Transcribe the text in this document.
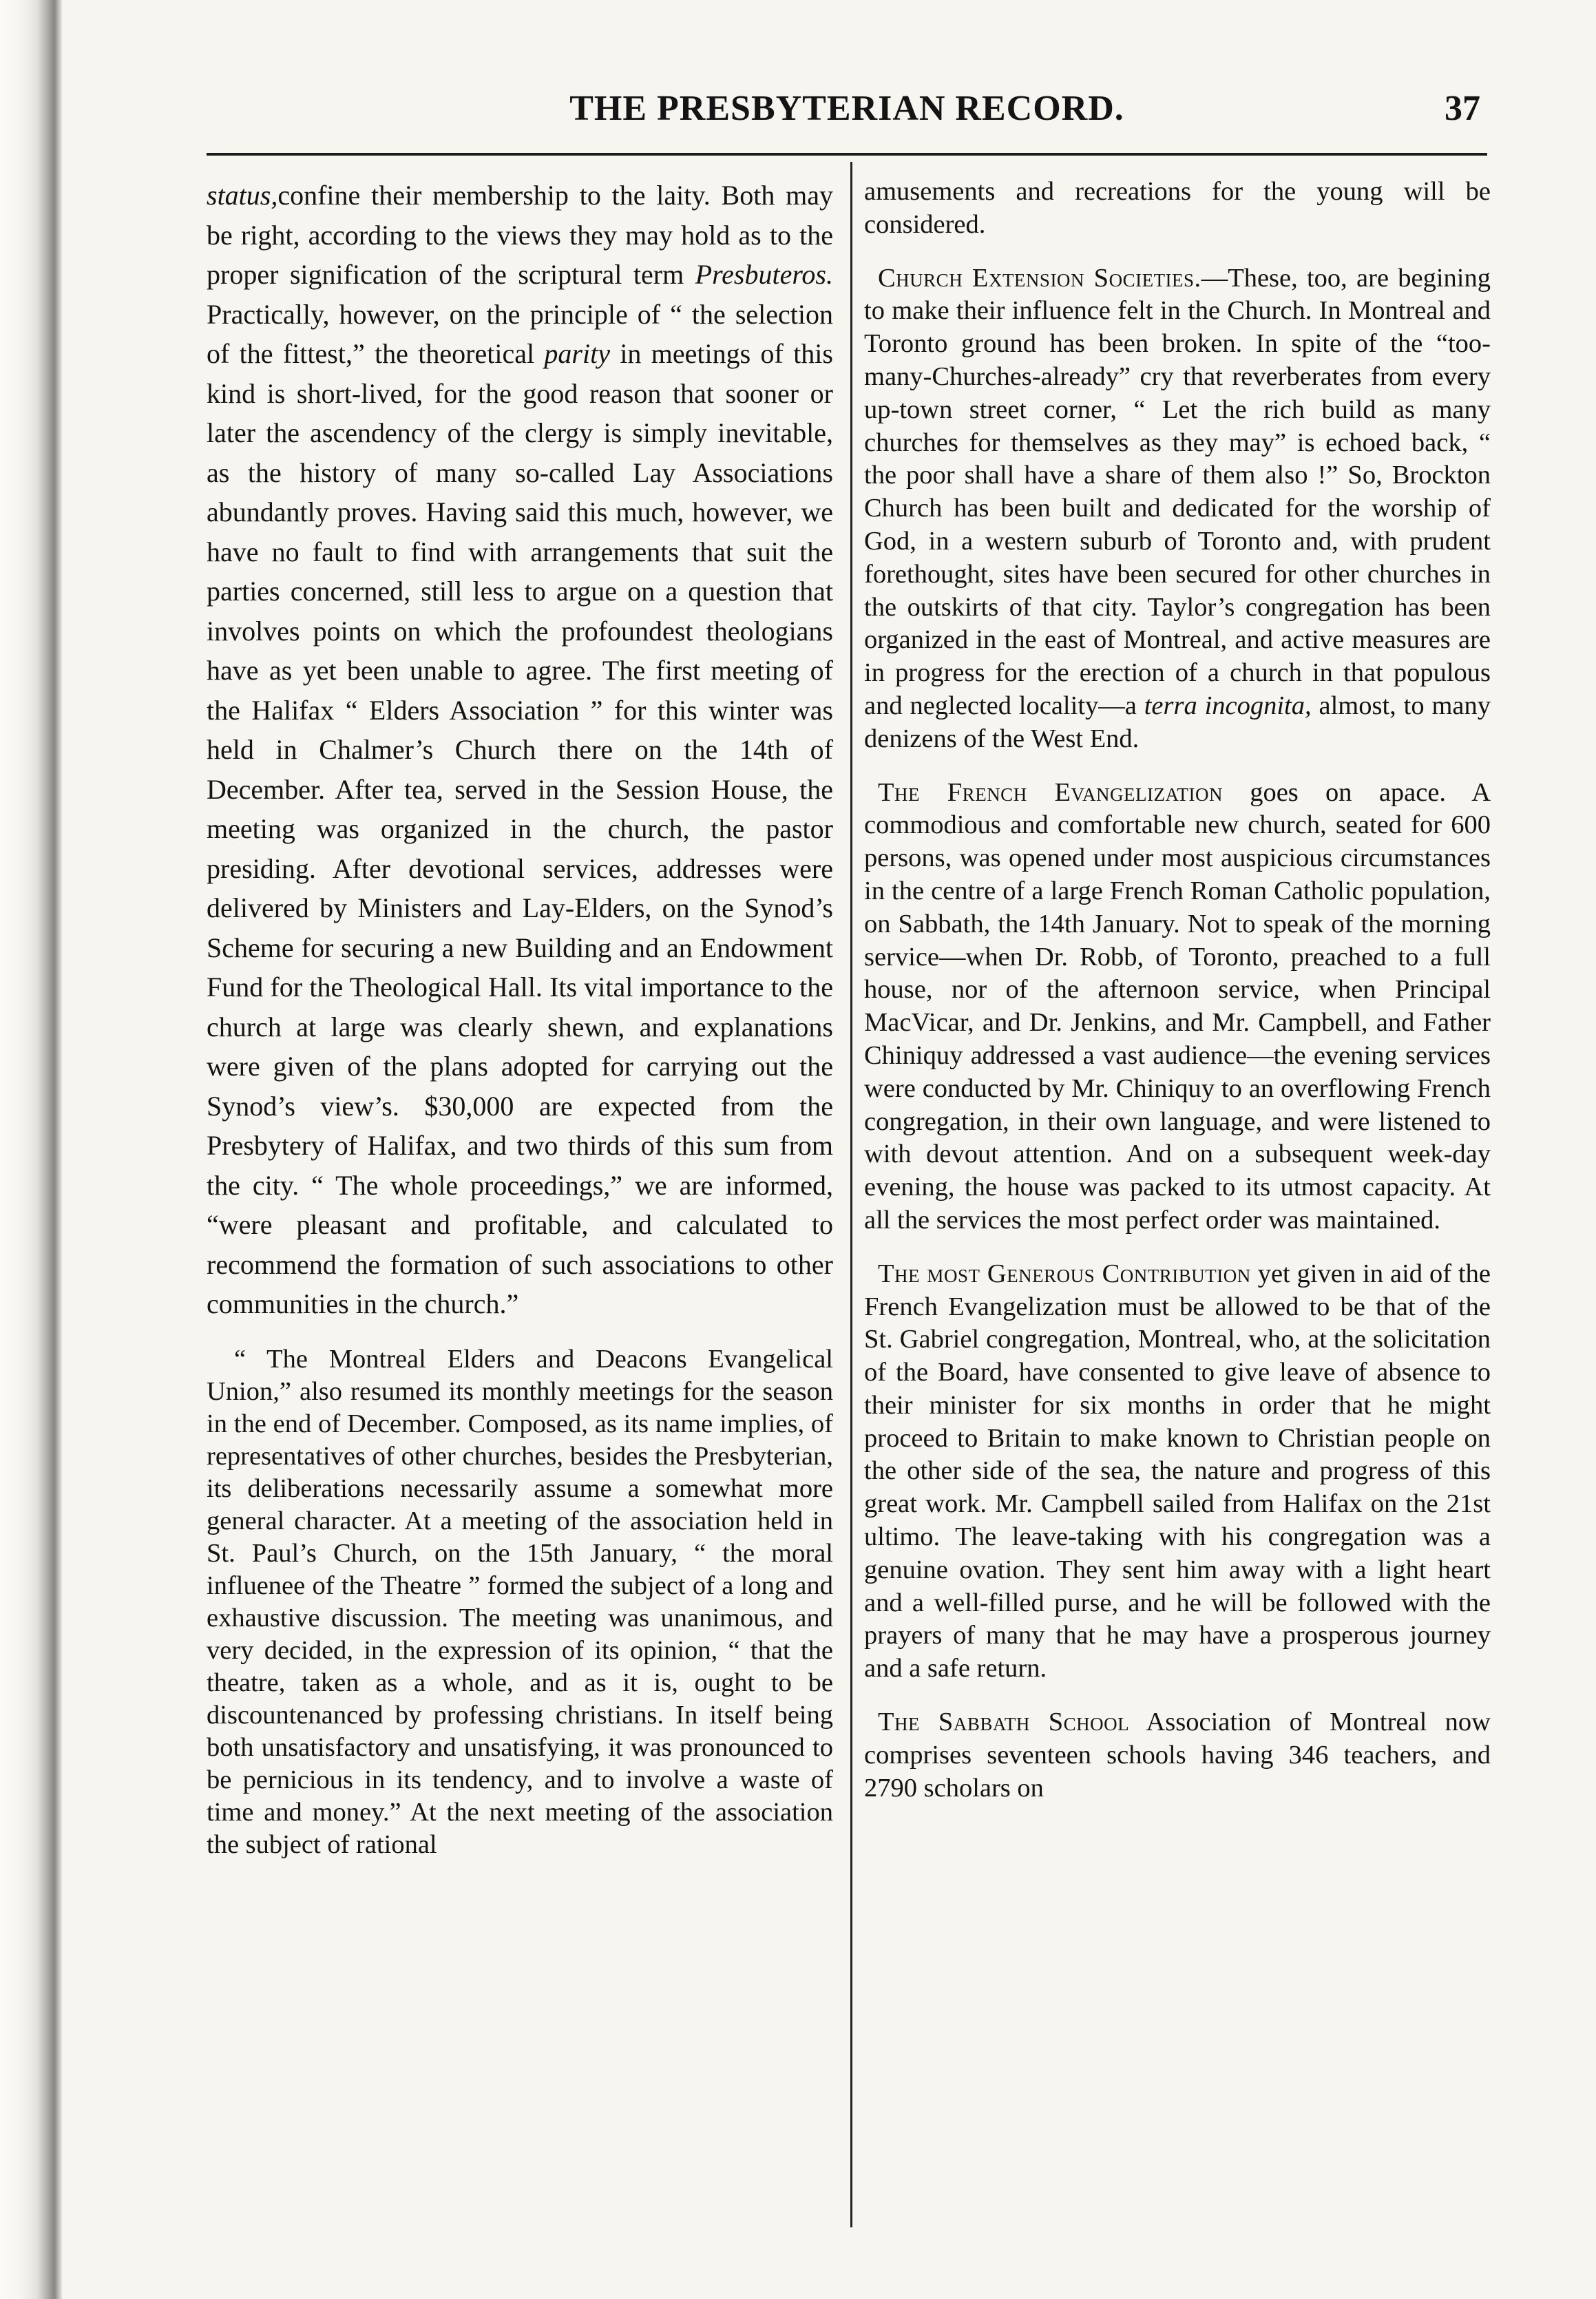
THE PRESBYTERIAN RECORD.	37

status,confine their membership to the laity. Both may be right, according to the views they may hold as to the proper signification of the scriptural term Presbuteros. Practically, however, on the principle of “ the selection of the fittest,” the theoretical parity in meetings of this kind is short-lived, for the good reason that sooner or later the ascendency of the clergy is simply inevitable, as the history of many so-called Lay Associations abundantly proves. Having said this much, however, we have no fault to find with arrangements that suit the parties concerned, still less to argue on a question that involves points on which the profoundest theologians have as yet been unable to agree. The first meeting of the Halifax “ Elders Association ” for this winter was held in Chalmer’s Church there on the 14th of December. After tea, served in the Session House, the meeting was organized in the church, the pastor presiding. After devotional services, addresses were delivered by Ministers and Lay-Elders, on the Synod’s Scheme for securing a new Building and an Endowment Fund for the Theological Hall. Its vital importance to the church at large was clearly shewn, and explanations were given of the plans adopted for carrying out the Synod’s view’s. $30,000 are expected from the Presbytery of Halifax, and two thirds of this sum from the city. “ The whole proceedings,” we are informed, “were pleasant and profitable, and calculated to recommend the formation of such associations to other communities in the church.”

“ The Montreal Elders and Deacons Evangelical Union,” also resumed its monthly meetings for the season in the end of December. Composed, as its name implies, of representatives of other churches, besides the Presbyterian, its deliberations necessarily assume a somewhat more general character. At a meeting of the association held in St. Paul’s Church, on the 15th January, “ the moral influenee of the Theatre ” formed the subject of a long and exhaustive discussion. The meeting was unanimous, and very decided, in the expression of its opinion, “ that the theatre, taken as a whole, and as it is, ought to be discountenanced by professing christians. In itself being both unsatisfactory and unsatisfying, it was pronounced to be pernicious in its tendency, and to involve a waste of time and money.” At the next meeting of the association the subject of rational

amusements and recreations for the young will be considered.

Church Extension Societies.—These, too, are begining to make their influence felt in the Church. In Montreal and Toronto ground has been broken. In spite of the “too-many-Churches-already” cry that reverberates from every up-town street corner, “ Let the rich build as many churches for themselves as they may” is echoed back, “ the poor shall have a share of them also !” So, Brockton Church has been built and dedicated for the worship of God, in a western suburb of Toronto and, with prudent forethought, sites have been secured for other churches in the outskirts of that city. Taylor’s congregation has been organized in the east of Montreal, and active measures are in progress for the erection of a church in that populous and neglected locality—a terra incognita, almost, to many denizens of the West End.

The French Evangelization goes on apace. A commodious and comfortable new church, seated for 600 persons, was opened under most auspicious circumstances in the centre of a large French Roman Catholic population, on Sabbath, the 14th January. Not to speak of the morning service—when Dr. Robb, of Toronto, preached to a full house, nor of the afternoon service, when Principal MacVicar, and Dr. Jenkins, and Mr. Campbell, and Father Chiniquy addressed a vast audience—the evening services were conducted by Mr. Chiniquy to an overflowing French congregation, in their own language, and were listened to with devout attention. And on a subsequent week-day evening, the house was packed to its utmost capacity. At all the services the most perfect order was maintained.

The most Generous Contribution yet given in aid of the French Evangelization must be allowed to be that of the St. Gabriel congregation, Montreal, who, at the solicitation of the Board, have consented to give leave of absence to their minister for six months in order that he might proceed to Britain to make known to Christian people on the other side of the sea, the nature and progress of this great work. Mr. Campbell sailed from Halifax on the 21st ultimo. The leave-taking with his congregation was a genuine ovation. They sent him away with a light heart and a well-filled purse, and he will be followed with the prayers of many that he may have a prosperous journey and a safe return.

The Sabbath School Association of Montreal now comprises seventeen schools having 346 teachers, and 2790 scholars on
